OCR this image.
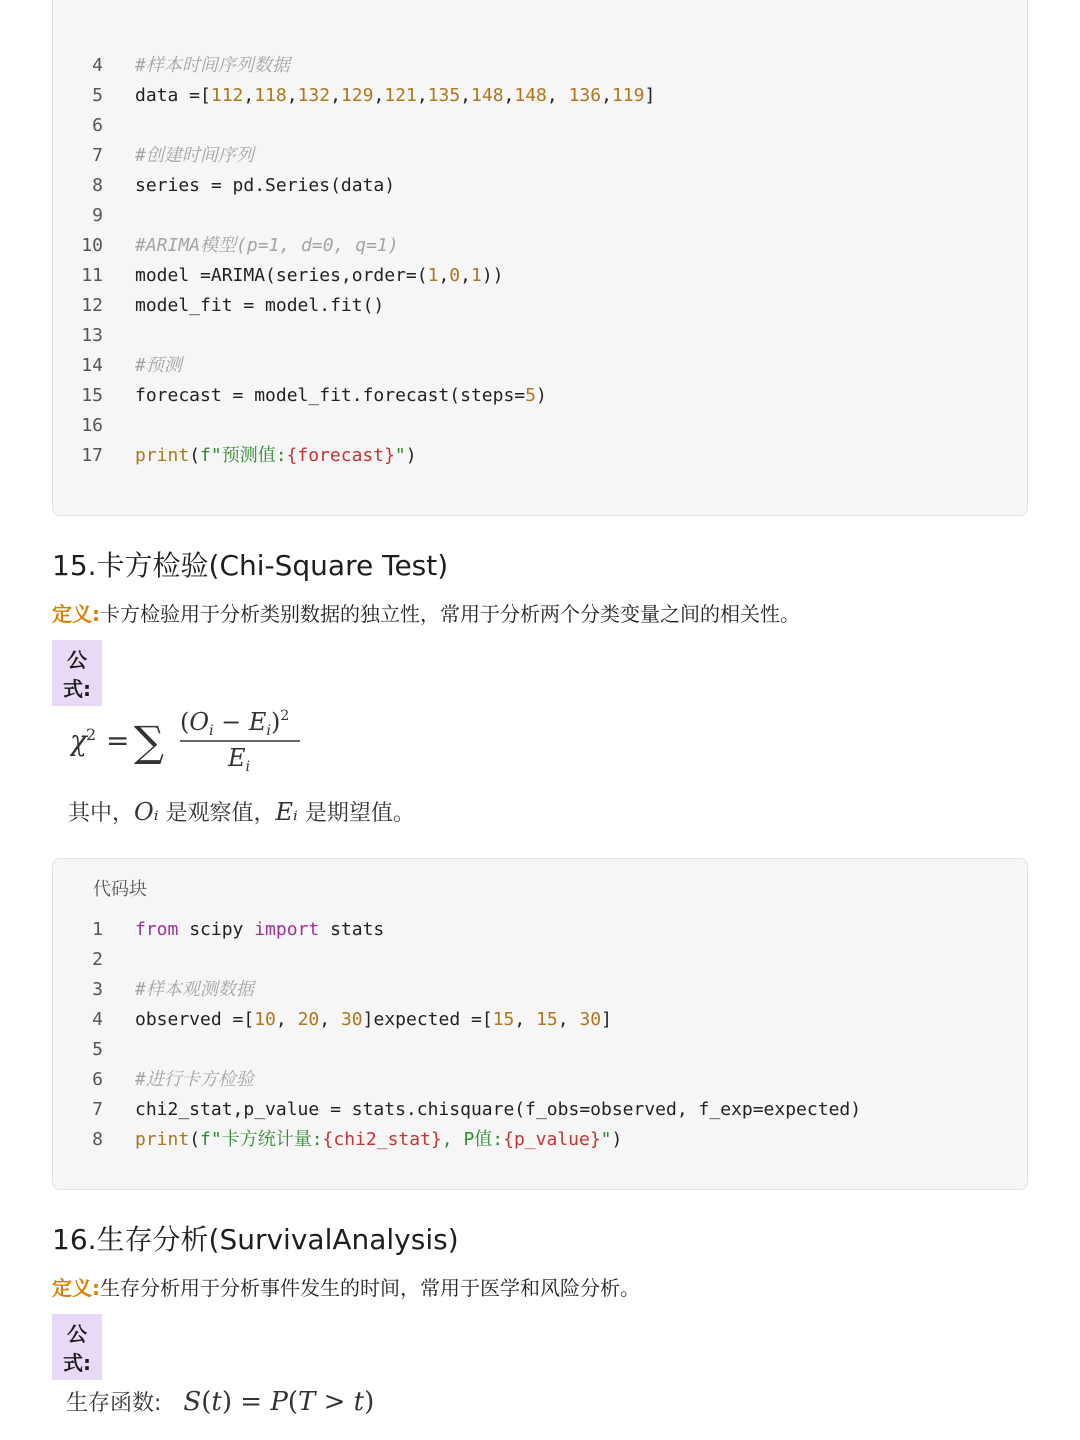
4 #样本时间序列数据
5 data =[112,118,132,129,121,135,148,148, 136,119]
6
7 #创建时间序列
8 series = pd.Series(data)
9
10 #ARIMA模型(p=1, d=0, q=1)
11 model =ARIMA(series,order=(1,0,1))
12 model_fit = model.fit()
13
14 #预测
15 forecast = model_fit.forecast(steps=5)
16
17 print(f"预测值:{forecast}")
15.卡方检验(Chi-Square Test)
定义:卡方检验用于分析类别数据的独立性，常用于分析两个分类变量之间的相关性。
公式:
χ 2 = ∑ $(O_i - E_i)^2$
$E_i$
其中，Oᵢ 是观察值，Eᵢ 是期望值。
代码块
1 from scipy import stats
2
3 #样本观测数据
4 observed =[10, 20, 30]expected =[15, 15, 30]
5
6 #进行卡方检验
7 chi2_stat,p_value = stats.chisquare(f_obs=observed, f_exp=expected)
8 print(f"卡方统计量:{chi2_stat}, P值:{p_value}")
16.生存分析(SurvivalAnalysis)
定义:生存分析用于分析事件发生的时间，常用于医学和风险分析。
公式:
生存函数: S(t) = P(T > t)
